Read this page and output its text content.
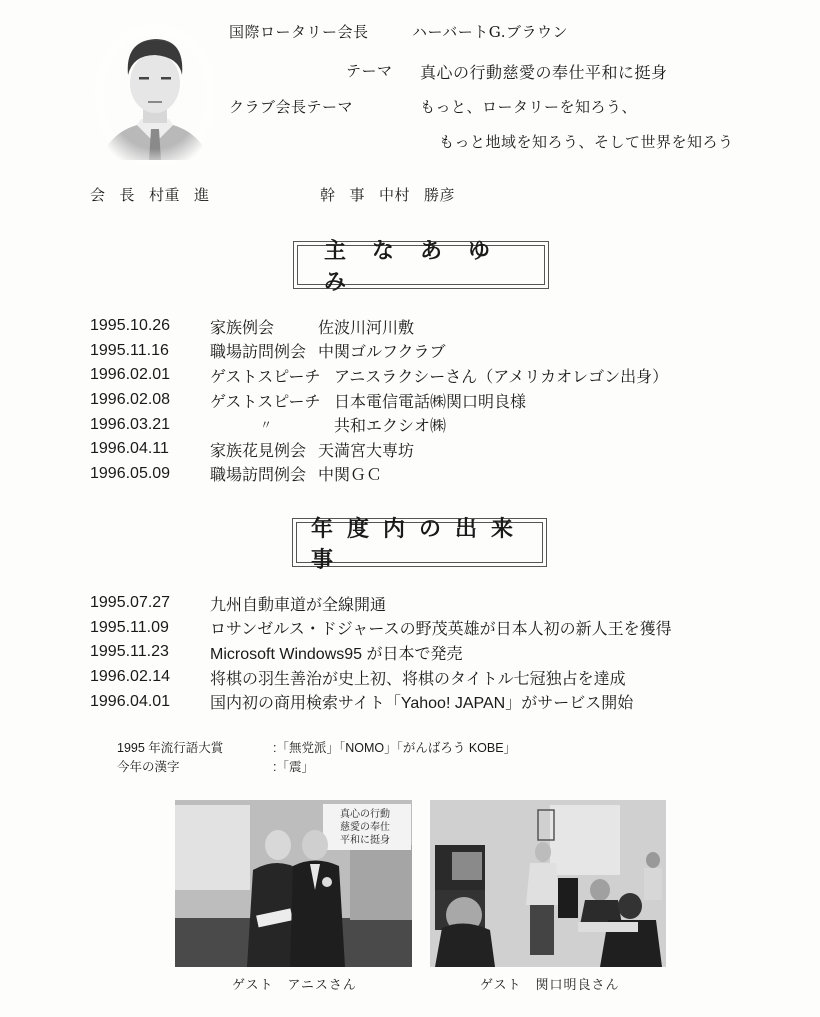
国際ロータリー会長	ハーバートG.ブラウン
テーマ 真心の行動慈愛の奉仕平和に挺身
クラブ会長テーマ	もっと、ロータリーを知ろう、
もっと地域を知ろう、そして世界を知ろう
会 長 村重 進	幹 事 中村 勝彦
主なあゆみ
1995.10.26	家族例会	佐波川河川敷
1995.11.16	職場訪問例会 中関ゴルフクラブ
1996.02.01	ゲストスピーチ アニスラクシーさん（アメリカオレゴン出身）
1996.02.08	ゲストスピーチ 日本電信電話㈱関口明良様
1996.03.21	〃	共和エクシオ㈱
1996.04.11	家族花見例会 天満宮大専坊
1996.05.09	職場訪問例会 中関ＧＣ
年度内の出来事
1995.07.27	九州自動車道が全線開通
1995.11.09	ロサンゼルス・ドジャースの野茂英雄が日本人初の新人王を獲得
1995.11.23	Microsoft Windows95 が日本で発売
1996.02.14	将棋の羽生善治が史上初、将棋のタイトル七冠独占を達成
1996.04.01	国内初の商用検索サイト「Yahoo! JAPAN」がサービス開始
1995 年流行語大賞	:「無党派」「NOMO」「がんばろう KOBE」
今年の漢字	:「震」
真心の行動
慈愛の奉仕
平和に挺身
ゲスト　アニスさん	ゲスト　関口明良さん
